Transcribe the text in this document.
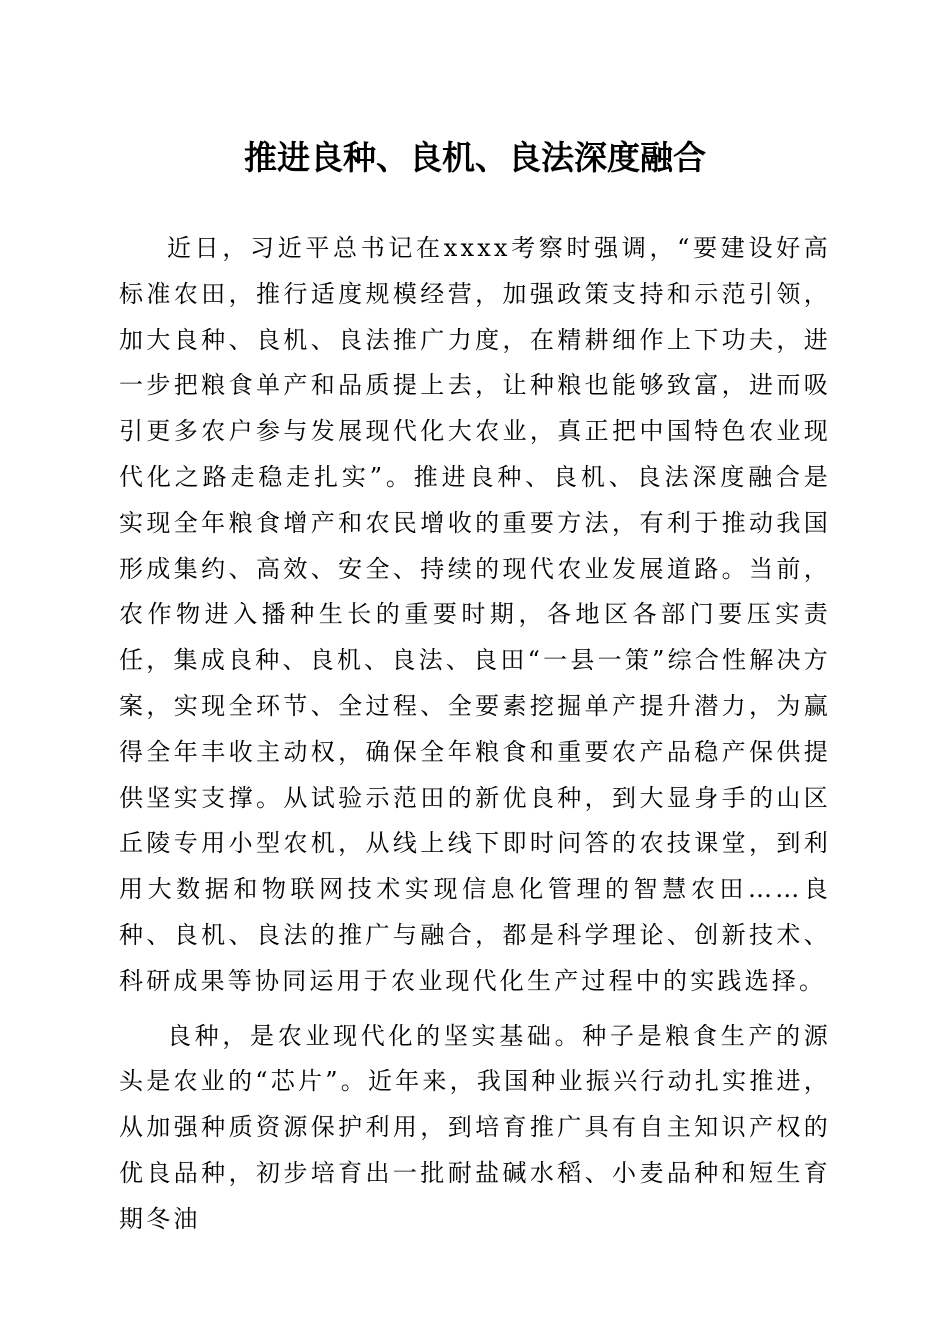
推进良种、良机、良法深度融合

近日，习近平总书记在xxxx考察时强调，“要建设好高标准农田，推行适度规模经营，加强政策支持和示范引领，加大良种、良机、良法推广力度，在精耕细作上下功夫，进一步把粮食单产和品质提上去，让种粮也能够致富，进而吸引更多农户参与发展现代化大农业，真正把中国特色农业现代化之路走稳走扎实”。推进良种、良机、良法深度融合是实现全年粮食增产和农民增收的重要方法，有利于推动我国形成集约、高效、安全、持续的现代农业发展道路。当前，农作物进入播种生长的重要时期，各地区各部门要压实责任，集成良种、良机、良法、良田“一县一策”综合性解决方案，实现全环节、全过程、全要素挖掘单产提升潜力，为赢得全年丰收主动权，确保全年粮食和重要农产品稳产保供提供坚实支撑。从试验示范田的新优良种，到大显身手的山区丘陵专用小型农机，从线上线下即时问答的农技课堂，到利用大数据和物联网技术实现信息化管理的智慧农田……良种、良机、良法的推广与融合，都是科学理论、创新技术、科研成果等协同运用于农业现代化生产过程中的实践选择。

良种，是农业现代化的坚实基础。种子是粮食生产的源头是农业的“芯片”。近年来，我国种业振兴行动扎实推进，从加强种质资源保护利用，到培育推广具有自主知识产权的优良品种，初步培育出一批耐盐碱水稻、小麦品种和短生育期冬油
